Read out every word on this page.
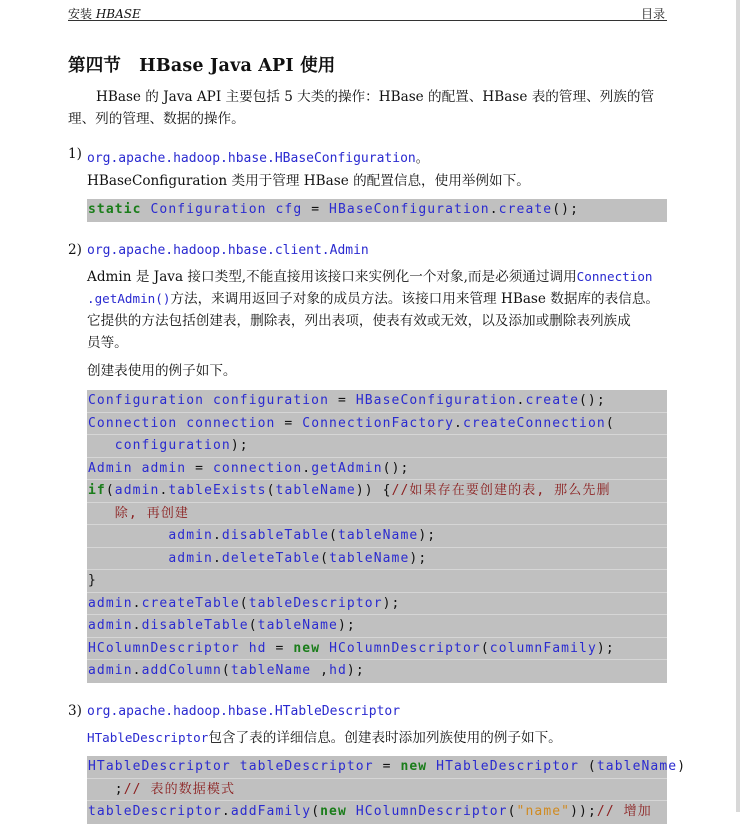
安装 HBASE	目录
第四节 HBase Java API 使用
HBase 的 Java API 主要包括 5 大类的操作：HBase 的配置、HBase 表的管理、列族的管
理、列的管理、数据的操作。
1) org.apache.hadoop.hbase.HBaseConfiguration。
HBaseConfiguration 类用于管理 HBase 的配置信息，使用举例如下。
static Configuration cfg = HBaseConfiguration.create();
2) org.apache.hadoop.hbase.client.Admin
Admin 是 Java 接口类型,不能直接用该接口来实例化一个对象,而是必须通过调用Connection
.getAdmin()方法，来调用返回子对象的成员方法。该接口用来管理 HBase 数据库的表信息。
它提供的方法包括创建表，删除表，列出表项，使表有效或无效，以及添加或删除表列族成
员等。
创建表使用的例子如下。
Configuration configuration = HBaseConfiguration.create();
Connection connection = ConnectionFactory.createConnection(
configuration);
Admin admin = connection.getAdmin();
if(admin.tableExists(tableName)) {//如果存在要创建的表, 那么先删
除, 再创建
admin.disableTable(tableName);
admin.deleteTable(tableName);
}
admin.createTable(tableDescriptor);
admin.disableTable(tableName);
HColumnDescriptor hd = new HColumnDescriptor(columnFamily);
admin.addColumn(tableName ,hd);
3) org.apache.hadoop.hbase.HTableDescriptor
HTableDescriptor包含了表的详细信息。创建表时添加列族使用的例子如下。
HTableDescriptor tableDescriptor = new HTableDescriptor (tableName)
;// 表的数据模式
tableDescriptor.addFamily(new HColumnDescriptor("name"));// 增加
